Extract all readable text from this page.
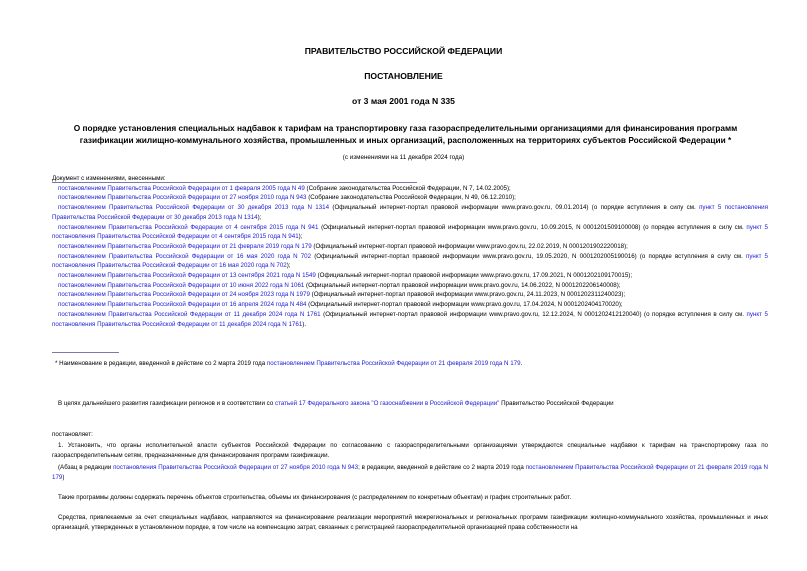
ПРАВИТЕЛЬСТВО РОССИЙСКОЙ ФЕДЕРАЦИИ
ПОСТАНОВЛЕНИЕ
от 3 мая 2001 года N 335
О порядке установления специальных надбавок к тарифам на транспортировку газа газораспределительными организациями для финансирования программ газификации жилищно-коммунального хозяйства, промышленных и иных организаций, расположенных на территориях субъектов Российской Федерации *
(с изменениями на 11 декабря 2024 года)
Документ с изменениями, внесенными:
постановлением Правительства Российской Федерации от 1 февраля 2005 года N 49 (Собрание законодательства Российской Федерации, N 7, 14.02.2005);
постановлением Правительства Российской Федерации от 27 ноября 2010 года N 943 (Собрание законодательства Российской Федерации, N 49, 06.12.2010);
постановлением Правительства Российской Федерации от 30 декабря 2013 года N 1314 (Официальный интернет-портал правовой информации www.pravo.gov.ru, 09.01.2014) (о порядке вступления в силу см. пункт 5 постановления Правительства Российской Федерации от 30 декабря 2013 года N 1314);
постановлением Правительства Российской Федерации от 4 сентября 2015 года N 941 (Официальный интернет-портал правовой информации www.pravo.gov.ru, 10.09.2015, N 0001201509100008) (о порядке вступления в силу см. пункт 5 постановления Правительства Российской Федерации от 4 сентября 2015 года N 941);
постановлением Правительства Российской Федерации от 21 февраля 2019 года N 179 (Официальный интернет-портал правовой информации www.pravo.gov.ru, 22.02.2019, N 0001201902220018);
постановлением Правительства Российской Федерации от 16 мая 2020 года N 702 (Официальный интернет-портал правовой информации www.pravo.gov.ru, 19.05.2020, N 0001202005190016) (о порядке вступления в силу см. пункт 5 постановления Правительства Российской Федерации от 16 мая 2020 года N 702);
постановлением Правительства Российской Федерации от 13 сентября 2021 года N 1549 (Официальный интернет-портал правовой информации www.pravo.gov.ru, 17.09.2021, N 0001202109170015);
постановлением Правительства Российской Федерации от 10 июня 2022 года N 1061 (Официальный интернет-портал правовой информации www.pravo.gov.ru, 14.06.2022, N 0001202206140008);
постановлением Правительства Российской Федерации от 24 ноября 2023 года N 1979 (Официальный интернет-портал правовой информации www.pravo.gov.ru, 24.11.2023, N 0001202311240023);
постановлением Правительства Российской Федерации от 16 апреля 2024 года N 484 (Официальный интернет-портал правовой информации www.pravo.gov.ru, 17.04.2024, N 0001202404170020);
постановлением Правительства Российской Федерации от 11 декабря 2024 года N 1761 (Официальный интернет-портал правовой информации www.pravo.gov.ru, 12.12.2024, N 0001202412120040) (о порядке вступления в силу см. пункт 5 постановления Правительства Российской Федерации от 11 декабря 2024 года N 1761).
* Наименование в редакции, введенной в действие со 2 марта 2019 года постановлением Правительства Российской Федерации от 21 февраля 2019 года N 179.
В целях дальнейшего развития газификации регионов и в соответствии со статьей 17 Федерального закона "О газоснабжении в Российской Федерации" Правительство Российской Федерации
постановляет:
1. Установить, что органы исполнительной власти субъектов Российской Федерации по согласованию с газораспределительными организациями утверждаются специальные надбавки к тарифам на транспортировку газа по газораспределительным сетям, предназначенные для финансирования программ газификации.
(Абзац в редакции постановления Правительства Российской Федерации от 27 ноября 2010 года N 943; в редакции, введенной в действие со 2 марта 2019 года постановлением Правительства Российской Федерации от 21 февраля 2019 года N 179)
Такие программы должны содержать перечень объектов строительства, объемы их финансирования (с распределением по конкретным объектам) и график строительных работ.
Средства, привлекаемые за счет специальных надбавок, направляются на финансирование реализации мероприятий межрегиональных и региональных программ газификации жилищно-коммунального хозяйства, промышленных и иных организаций, утвержденных в установленном порядке, в том числе на компенсацию затрат, связанных с регистрацией газораспределительной организацией права собственности на
